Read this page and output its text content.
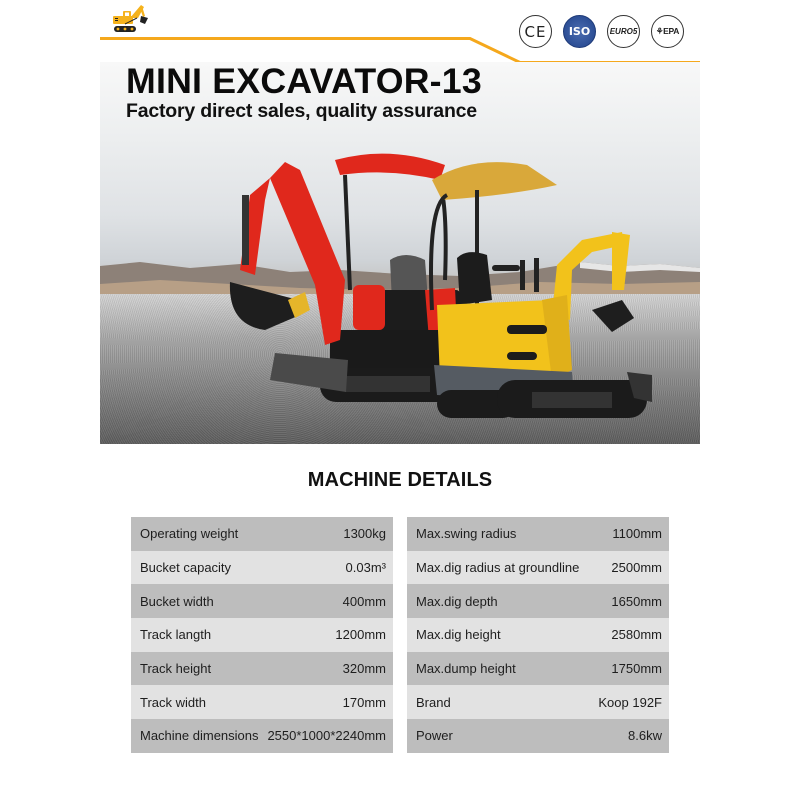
CE	ISO	EURO5	⚘EPA
MINI EXCAVATOR-13
Factory direct sales, quality assurance
MACHINE DETAILS
Operating weight	1300kg
Bucket capacity	0.03m³
Bucket width	400mm
Track langth	1200mm
Track height	320mm
Track width	170mm
Machine dimensions 2550*1000*2240mm
Max.swing radius	1100mm
Max.dig radius at groundline 2500mm
Max.dig depth	1650mm
Max.dig height	2580mm
Max.dump height	1750mm
Brand	Koop 192F
Power	8.6kw
